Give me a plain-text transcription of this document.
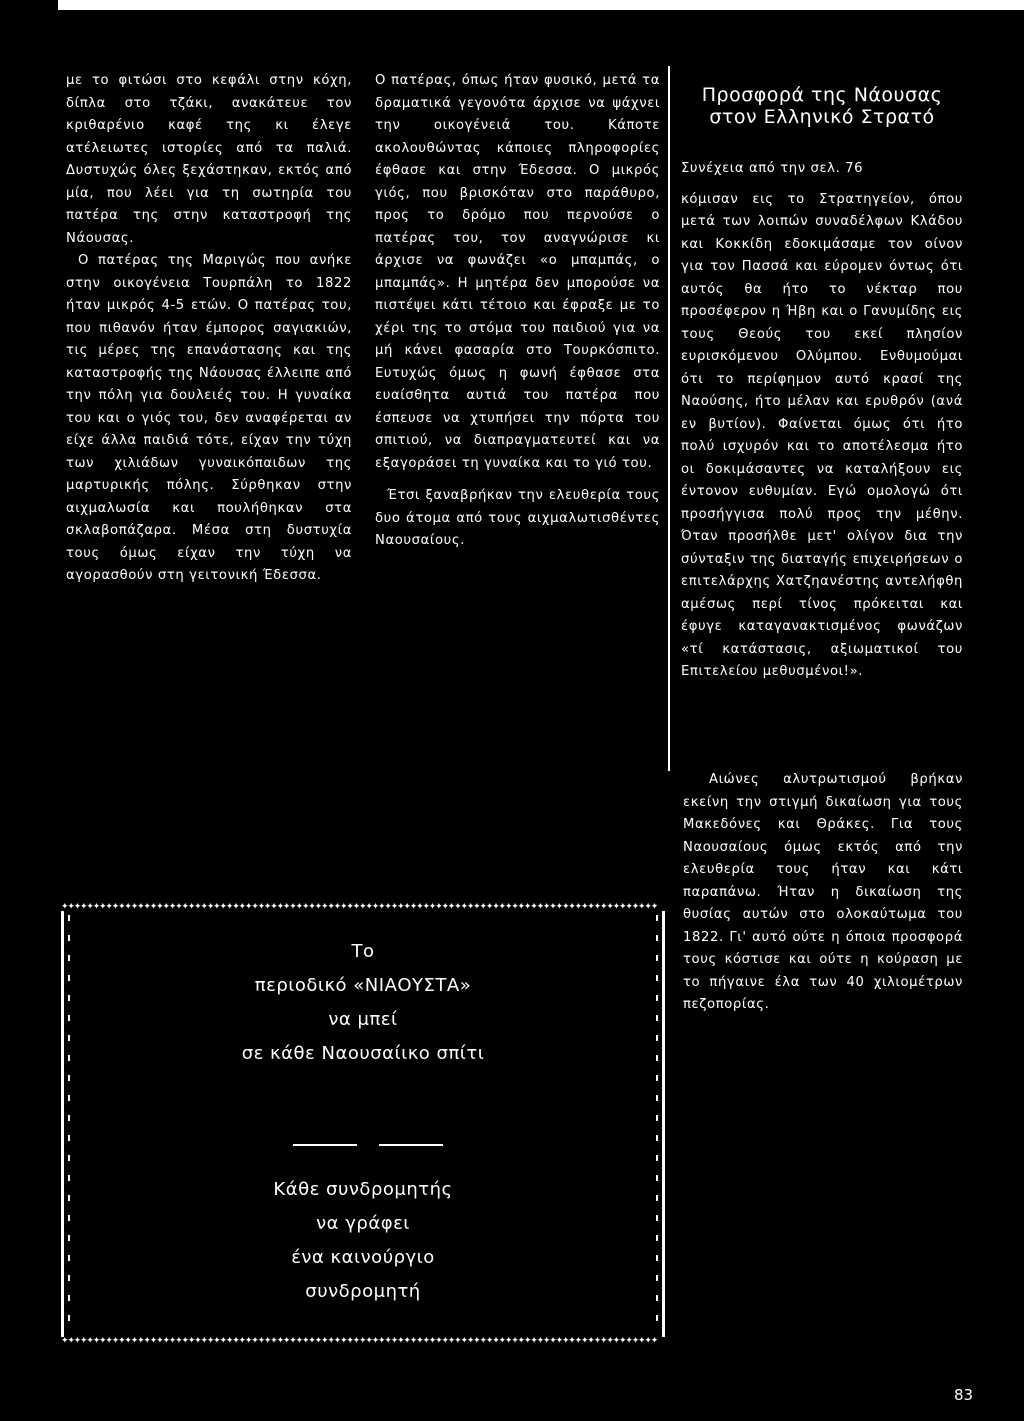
με το φιτώσι στο κεφάλι στην κόχη, δίπλα στο τζάκι, ανακάτευε τον κριθαρένιο καφέ της κι έλεγε ατέλειωτες ιστορίες από τα παλιά. Δυστυχώς όλες ξεχάστηκαν, εκτός από μία, που λέει για τη σωτηρία του πατέρα της στην καταστροφή της Νάουσας.

Ο πατέρας της Μαριγώς που ανήκε στην οικογένεια Τουρπάλη το 1822 ήταν μικρός 4-5 ετών. Ο πατέρας του, που πιθανόν ήταν έμπορος σαγιακιών, τις μέρες της επανάστασης και της καταστροφής της Νάουσας έλλειπε από την πόλη για δουλειές του. Η γυναίκα του και ο γιός του, δεν αναφέρεται αν είχε άλλα παιδιά τότε, είχαν την τύχη των χιλιάδων γυναικόπαιδων της μαρτυρικής πόλης. Σύρθηκαν στην αιχμαλωσία και πουλήθηκαν στα σκλαβοπάζαρα. Μέσα στη δυστυχία τους όμως είχαν την τύχη να αγορασθούν στη γειτονική Έδεσσα.

Ο πατέρας, όπως ήταν φυσικό, μετά τα δραματικά γεγονότα άρχισε να ψάχνει την οικογένειά του. Κάποτε ακολουθώντας κάποιες πληροφορίες έφθασε και στην Έδεσσα. Ο μικρός γιός, που βρισκόταν στο παράθυρο, προς το δρόμο που περνούσε ο πατέρας του, τον αναγνώρισε κι άρχισε να φωνάζει «ο μπαμπάς, ο μπαμπάς». Η μητέρα δεν μπορούσε να πιστέψει κάτι τέτοιο και έφραξε με το χέρι της το στόμα του παιδιού για να μή κάνει φασαρία στο Τουρκόσπιτο. Ευτυχώς όμως η φωνή έφθασε στα ευαίσθητα αυτιά του πατέρα που έσπευσε να χτυπήσει την πόρτα του σπιτιού, να διαπραγματευτεί και να εξαγοράσει τη γυναίκα και το γιό του.

Έτσι ξαναβρήκαν την ελευθερία τους δυο άτομα από τους αιχμαλωτισθέντες Ναουσαίους.

Προσφορά της Νάουσας
στον Ελληνικό Στρατό

Συνέχεια από την σελ. 76

κόμισαν εις το Στρατηγείον, όπου μετά των λοιπών συναδέλφων Κλάδου και Κοκκίδη εδοκιμάσαμε τον οίνον για τον Πασσά και εύρομεν όντως ότι αυτός θα ήτο το νέκταρ που προσέφερον η Ήβη και ο Γανυμίδης εις τους Θεούς του εκεί πλησίον ευρισκόμενου Ολύμπου. Ενθυμούμαι ότι το περίφημον αυτό κρασί της Ναούσης, ήτο μέλαν και ερυθρόν (ανά εν βυτίον). Φαίνεται όμως ότι ήτο πολύ ισχυρόν και το αποτέλεσμα ήτο οι δοκιμάσαντες να καταλήξουν εις έντονον ευθυμίαν. Εγώ ομολογώ ότι προσήγγισα πολύ προς την μέθην. Όταν προσήλθε μετ' ολίγον δια την σύνταξιν της διαταγής επιχειρήσεων ο επιτελάρχης Χατζηανέστης αντελήφθη αμέσως περί τίνος πρόκειται και έφυγε καταγανακτισμένος φωνάζων «τί κατάστασις, αξιωματικοί του Επιτελείου μεθυσμένοι!».

Αιώνες αλυτρωτισμού βρήκαν εκείνη την στιγμή δικαίωση για τους Μακεδόνες και Θράκες. Για τους Ναουσαίους όμως εκτός από την ελευθερία τους ήταν και κάτι παραπάνω. Ήταν η δικαίωση της θυσίας αυτών στο ολοκαύτωμα του 1822. Γι' αυτό ούτε η όποια προσφορά τους κόστισε και ούτε η κούραση με το πήγαινε έλα των 40 χιλιομέτρων πεζοπορίας.

✦✦✦✦✦✦✦✦✦✦✦✦✦✦✦✦✦✦✦✦✦✦✦✦✦✦✦✦✦✦✦✦✦✦✦✦✦✦✦✦✦✦✦✦✦✦✦✦✦✦✦✦✦✦✦✦✦✦✦✦✦✦✦✦✦✦✦✦✦✦✦✦✦✦✦✦✦✦✦✦✦✦✦✦✦✦✦✦✦✦✦✦✦✦
✦✦✦✦✦✦✦✦✦✦✦✦✦✦✦✦✦✦✦✦✦✦✦✦✦✦✦✦✦✦✦✦✦✦✦✦✦✦✦✦✦✦✦✦✦✦✦✦✦✦✦✦✦✦✦✦✦✦✦✦✦✦✦✦✦✦✦✦✦✦✦✦✦✦✦✦✦✦✦✦✦✦✦✦✦✦✦✦✦✦✦✦✦✦
Το
περιοδικό «ΝΙΑΟΥΣΤΑ»
να μπεί
σε κάθε Ναουσαίικο σπίτι
Κάθε συνδρομητής
να γράφει
ένα καινούργιο
συνδρομητή
83
